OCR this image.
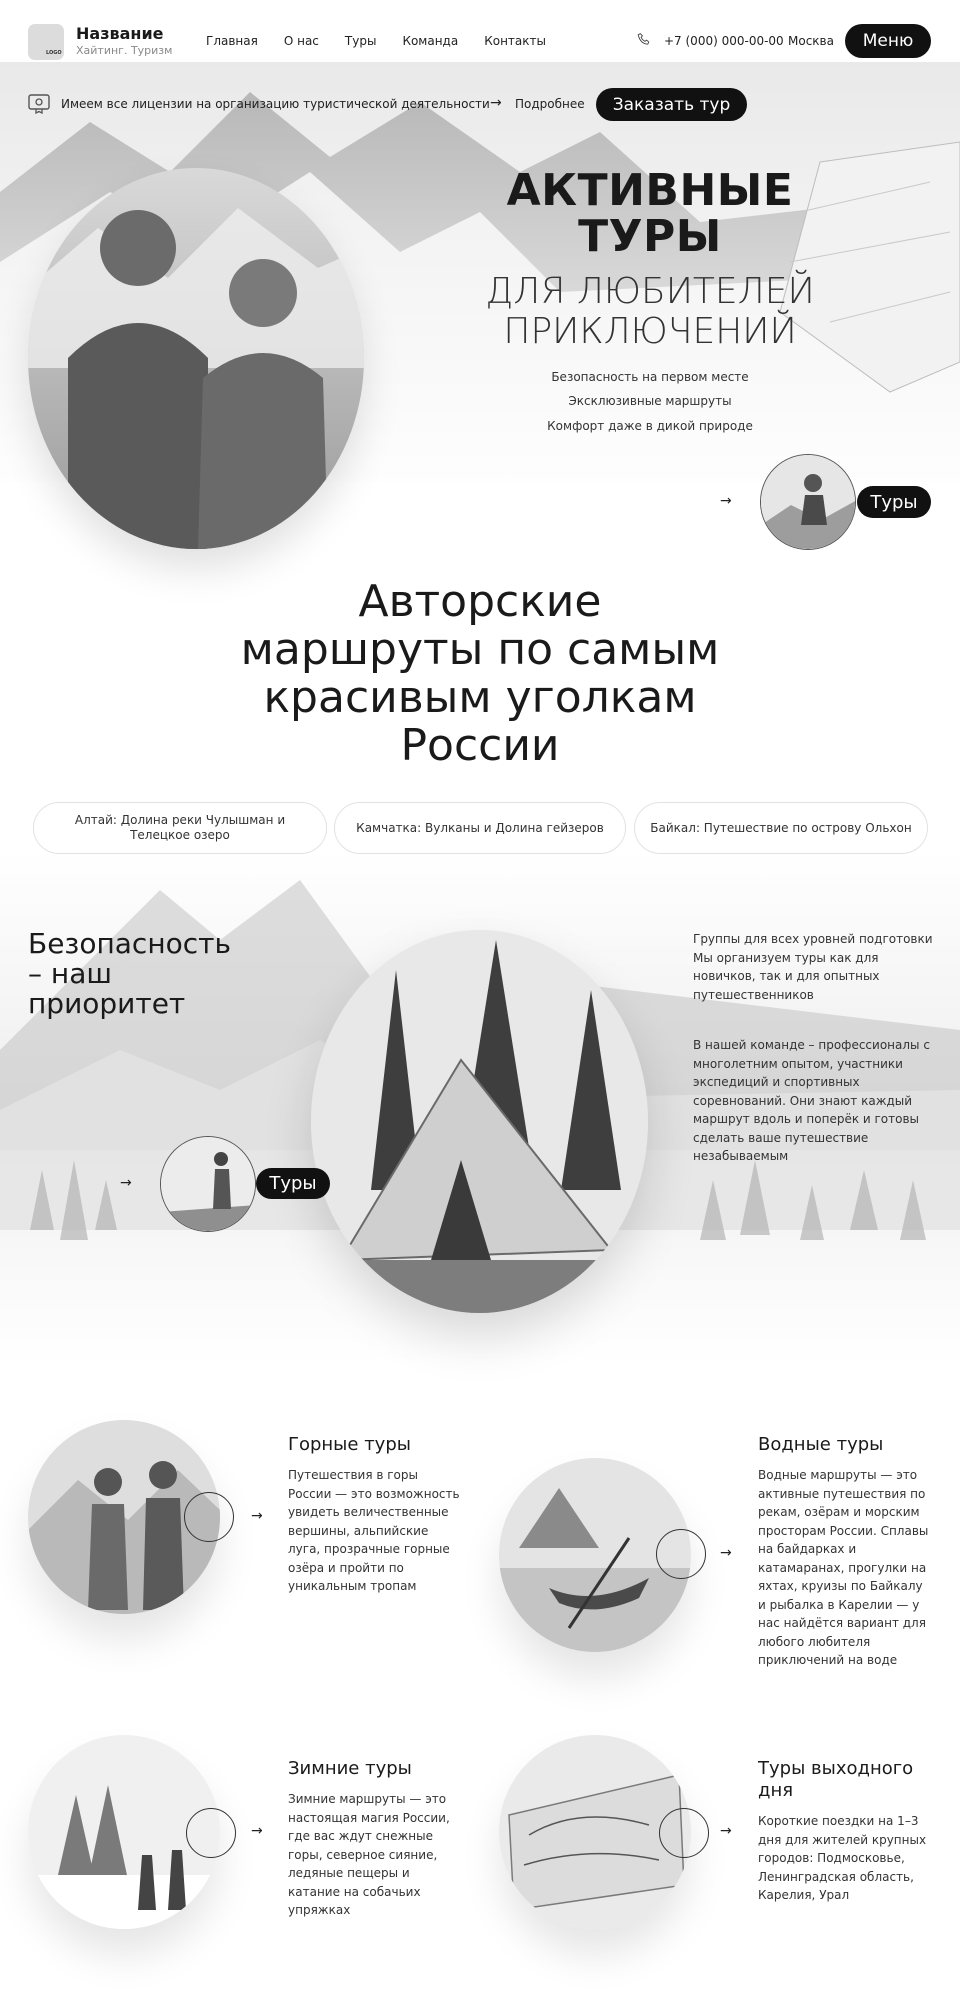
LOGO
Название
Хайтинг. Туризм
Главная О нас Туры Команда Контакты	+7 (000) 000-00-00 Москва	Меню
Имеем все лицензии на организацию туристической деятельности → Подробнее	Заказать тур
АКТИВНЫЕ
ТУРЫ
ДЛЯ ЛЮБИТЕЛЕЙ
ПРИКЛЮЧЕНИЙ
Безопасность на первом месте
Эксклюзивные маршруты
Комфорт даже в дикой природе
→	Туры
Авторские
маршруты по самым
красивым уголкам
России
Алтай: Долина реки Чулышман и Телецкое озеро
Камчатка: Вулканы и Долина гейзеров	Байкал: Путешествие по острову Ольхон
Безопасность
– наш
приоритет
Группы для всех уровней подготовки Мы организуем туры как для новичков, так и для опытных путешественников
В нашей команде – профессионалы с многолетним опытом, участники экспедиций и спортивных соревнований. Они знают каждый маршрут вдоль и поперёк и готовы сделать ваше путешествие незабываемым
→	Туры
→
Горные туры
Путешествия в горы России — это возможность увидеть величественные вершины, альпийские луга, прозрачные горные озёра и пройти по уникальным тропам
→
Водные туры
Водные маршруты — это активные путешествия по рекам, озёрам и морским просторам России. Сплавы на байдарках и катамаранах, прогулки на яхтах, круизы по Байкалу и рыбалка в Карелии — у нас найдётся вариант для любого любителя приключений на воде
→
Зимние туры
Зимние маршруты — это настоящая магия России, где вас ждут снежные горы, северное сияние, ледяные пещеры и катание на собачьих упряжках
→
Туры выходного дня
Короткие поездки на 1–3 дня для жителей крупных городов: Подмосковье, Ленинградская область, Карелия, Урал
